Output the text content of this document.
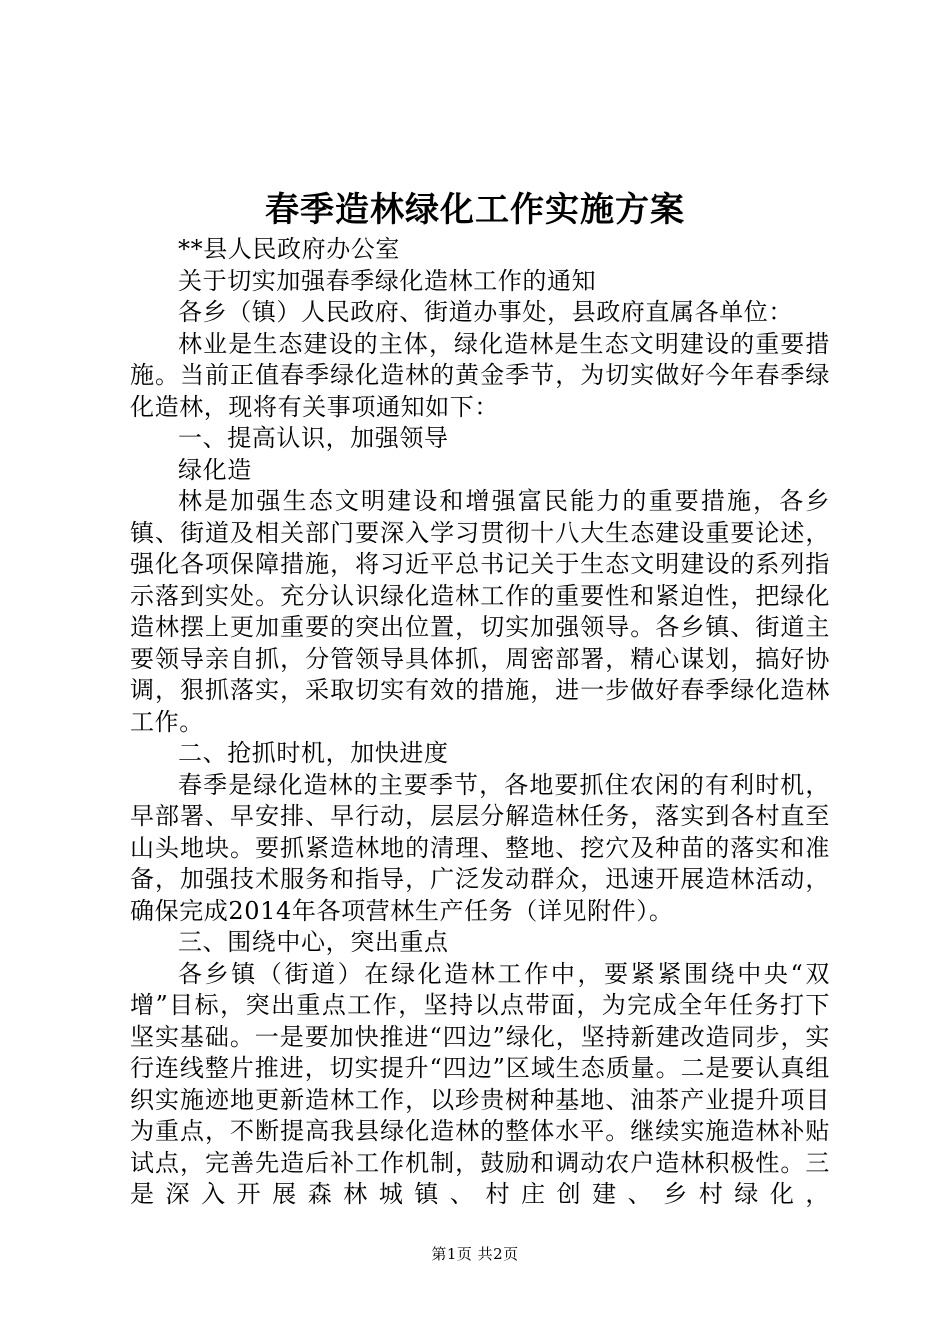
春季造林绿化工作实施方案

**县人民政府办公室

关于切实加强春季绿化造林工作的通知

各乡（镇）人民政府、街道办事处，县政府直属各单位：

林业是生态建设的主体，绿化造林是生态文明建设的重要措施。当前正值春季绿化造林的黄金季节，为切实做好今年春季绿化造林，现将有关事项通知如下：

一、提高认识，加强领导

绿化造

林是加强生态文明建设和增强富民能力的重要措施，各乡镇、街道及相关部门要深入学习贯彻十八大生态建设重要论述，强化各项保障措施，将习近平总书记关于生态文明建设的系列指示落到实处。充分认识绿化造林工作的重要性和紧迫性，把绿化造林摆上更加重要的突出位置，切实加强领导。各乡镇、街道主要领导亲自抓，分管领导具体抓，周密部署，精心谋划，搞好协调，狠抓落实，采取切实有效的措施，进一步做好春季绿化造林工作。

二、抢抓时机，加快进度

春季是绿化造林的主要季节，各地要抓住农闲的有利时机，早部署、早安排、早行动，层层分解造林任务，落实到各村直至山头地块。要抓紧造林地的清理、整地、挖穴及种苗的落实和准备，加强技术服务和指导，广泛发动群众，迅速开展造林活动，确保完成2014年各项营林生产任务（详见附件）。

三、围绕中心，突出重点

各乡镇（街道）在绿化造林工作中，要紧紧围绕中央“双增”目标，突出重点工作，坚持以点带面，为完成全年任务打下坚实基础。一是要加快推进“四边”绿化，坚持新建改造同步，实行连线整片推进，切实提升“四边”区域生态质量。二是要认真组织实施迹地更新造林工作，以珍贵树种基地、油茶产业提升项目为重点，不断提高我县绿化造林的整体水平。继续实施造林补贴试点，完善先造后补工作机制，鼓励和调动农户造林积极性。三是深入开展森林城镇、村庄创建、乡村绿化，

第1页 共2页
